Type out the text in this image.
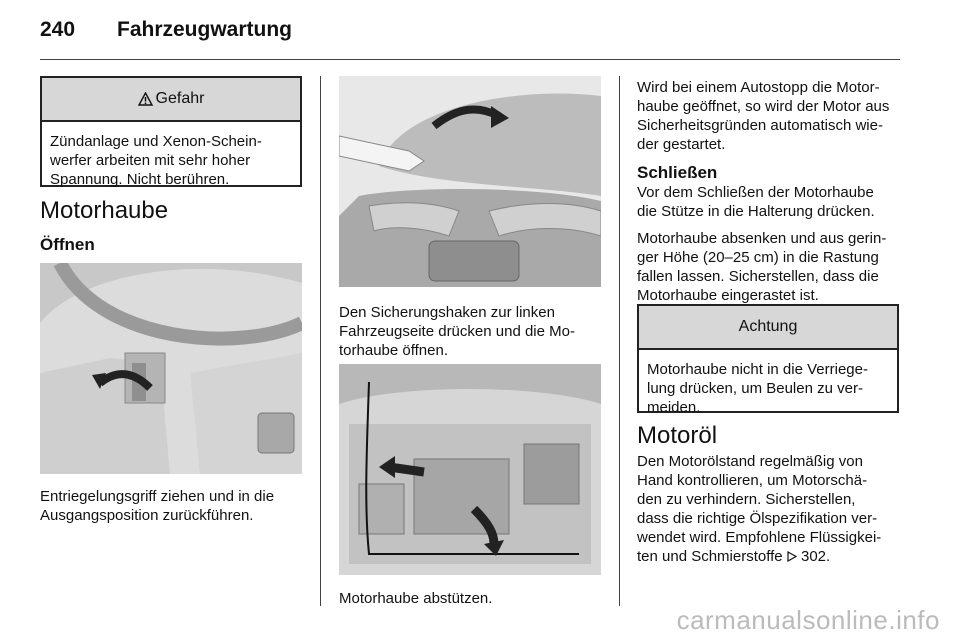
240 Fahrzeugwartung
Gefahr
Zündanlage und Xenon-Schein-
werfer arbeiten mit sehr hoher
Spannung. Nicht berühren.
Motorhaube
Öffnen
Entriegelungsgriff ziehen und in die
Ausgangsposition zurückführen.
Den Sicherungshaken zur linken
Fahrzeugseite drücken und die Mo-
torhaube öffnen.
Motorhaube abstützen.
Wird bei einem Autostopp die Motor-
haube geöffnet, so wird der Motor aus
Sicherheitsgründen automatisch wie-
der gestartet.
Schließen
Vor dem Schließen der Motorhaube
die Stütze in die Halterung drücken.
Motorhaube absenken und aus gerin-
ger Höhe (20–25 cm) in die Rastung
fallen lassen. Sicherstellen, dass die
Motorhaube eingerastet ist.
Achtung
Motorhaube nicht in die Verriege-
lung drücken, um Beulen zu ver-
meiden.
Motoröl
Den Motorölstand regelmäßig von
Hand kontrollieren, um Motorschä-
den zu verhindern. Sicherstellen,
dass die richtige Ölspezifikation ver-
wendet wird. Empfohlene Flüssigkei-
ten und Schmierstoffe 302.
carmanualsonline.info
